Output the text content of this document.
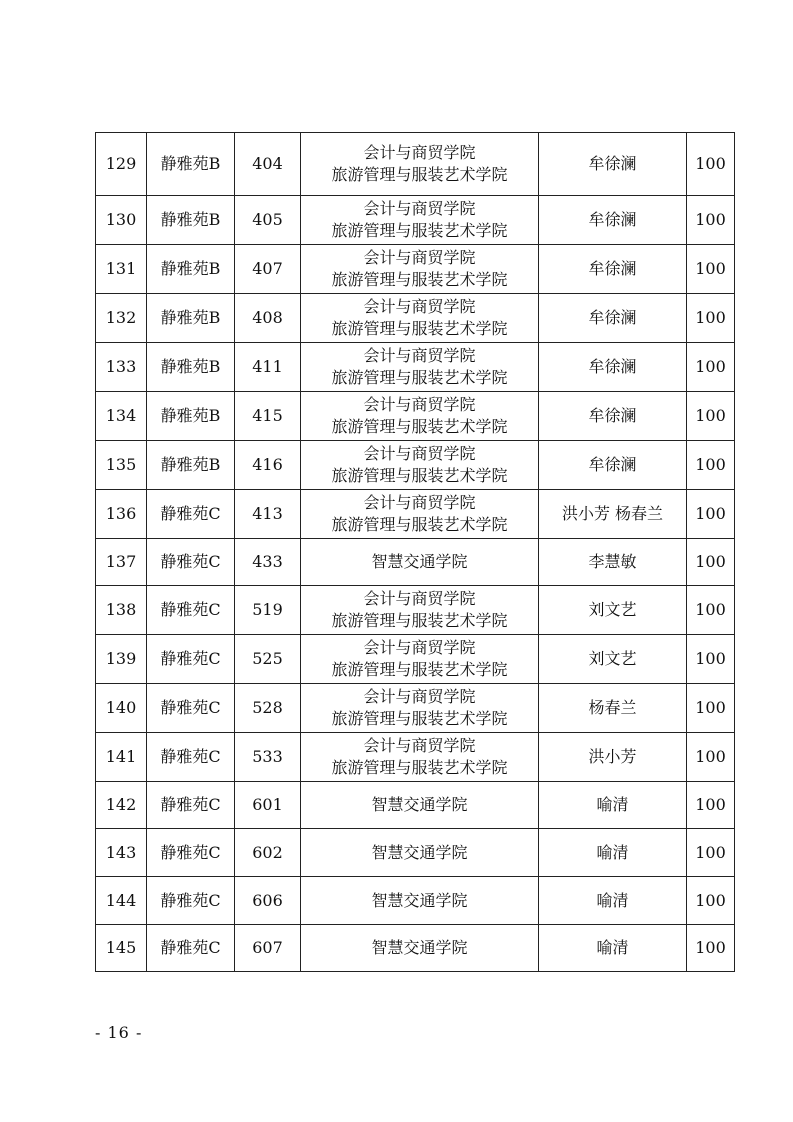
129	静雅苑B	404	会计与商贸学院
旅游管理与服装艺术学院	牟徐澜	100
130	静雅苑B	405	会计与商贸学院
旅游管理与服装艺术学院	牟徐澜	100
131	静雅苑B	407	会计与商贸学院
旅游管理与服装艺术学院	牟徐澜	100
132	静雅苑B	408	会计与商贸学院
旅游管理与服装艺术学院	牟徐澜	100
133	静雅苑B	411	会计与商贸学院
旅游管理与服装艺术学院	牟徐澜	100
134	静雅苑B	415	会计与商贸学院
旅游管理与服装艺术学院	牟徐澜	100
135	静雅苑B	416	会计与商贸学院
旅游管理与服装艺术学院	牟徐澜	100
136	静雅苑C	413	会计与商贸学院
旅游管理与服装艺术学院	洪小芳 杨春兰	100
137	静雅苑C	433	智慧交通学院	李慧敏	100
138	静雅苑C	519	会计与商贸学院
旅游管理与服装艺术学院	刘文艺	100
139	静雅苑C	525	会计与商贸学院
旅游管理与服装艺术学院	刘文艺	100
140	静雅苑C	528	会计与商贸学院
旅游管理与服装艺术学院	杨春兰	100
141	静雅苑C	533	会计与商贸学院
旅游管理与服装艺术学院	洪小芳	100
142	静雅苑C	601	智慧交通学院	喻清	100
143	静雅苑C	602	智慧交通学院	喻清	100
144	静雅苑C	606	智慧交通学院	喻清	100
145	静雅苑C	607	智慧交通学院	喻清	100
- 16 -
